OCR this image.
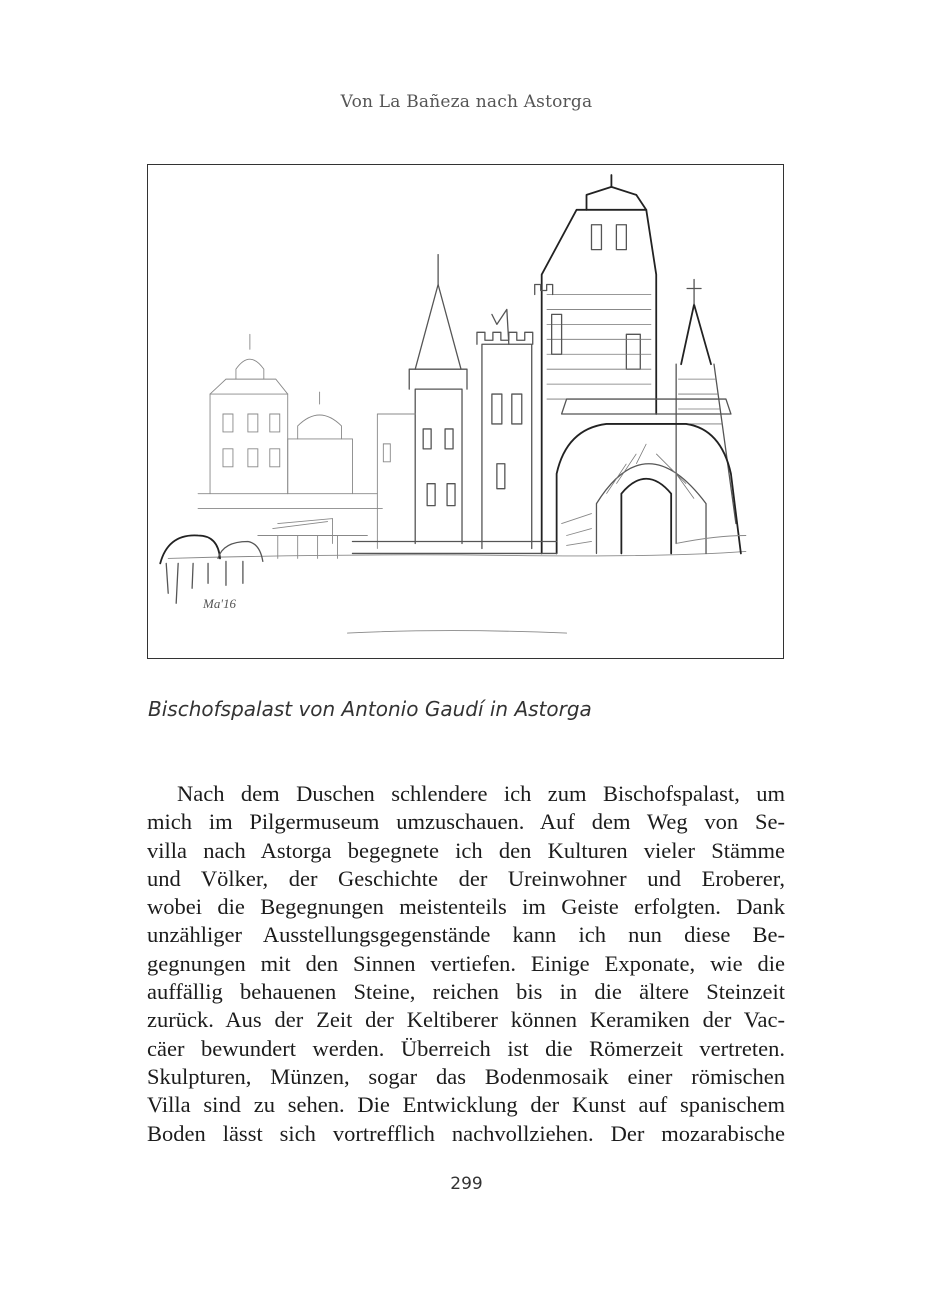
Von La Bañeza nach Astorga
Ma'16
Bischofspalast von Antonio Gaudí in Astorga
Nach dem Duschen schlendere ich zum Bischofspalast, um
mich im Pilgermuseum umzuschauen. Auf dem Weg von Se-
villa nach Astorga begegnete ich den Kulturen vieler Stämme
und Völker, der Geschichte der Ureinwohner und Eroberer,
wobei die Begegnungen meistenteils im Geiste erfolgten. Dank
unzähliger Ausstellungsgegenstände kann ich nun diese Be-
gegnungen mit den Sinnen vertiefen. Einige Exponate, wie die
auffällig behauenen Steine, reichen bis in die ältere Steinzeit
zurück. Aus der Zeit der Keltiberer können Keramiken der Vac-
cäer bewundert werden. Überreich ist die Römerzeit vertreten.
Skulpturen, Münzen, sogar das Bodenmosaik einer römischen
Villa sind zu sehen. Die Entwicklung der Kunst auf spanischem
Boden lässt sich vortrefflich nachvollziehen. Der mozarabische
299
